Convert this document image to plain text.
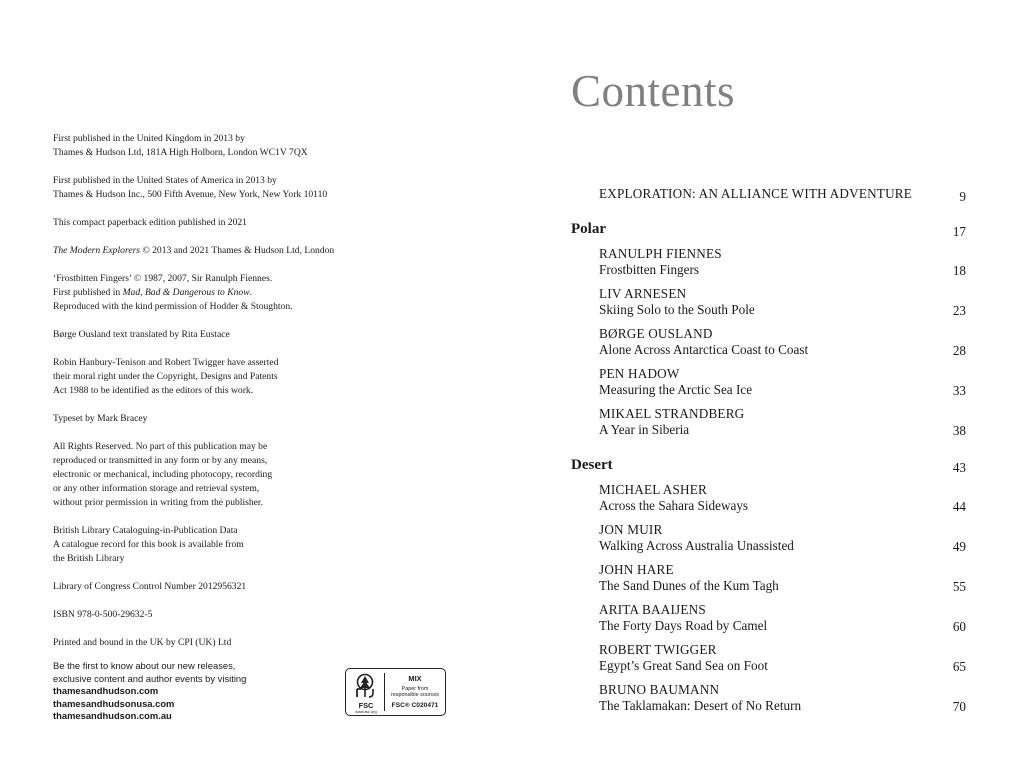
First published in the United Kingdom in 2013 by
Thames & Hudson Ltd, 181A High Holborn, London WC1V 7QX

First published in the United States of America in 2013 by
Thames & Hudson Inc., 500 Fifth Avenue, New York, New York 10110

This compact paperback edition published in 2021

The Modern Explorers © 2013 and 2021 Thames & Hudson Ltd, London

‘Frostbitten Fingers’ © 1987, 2007, Sir Ranulph Fiennes.
First published in Mad, Bad & Dangerous to Know.
Reproduced with the kind permission of Hodder & Stoughton.

Børge Ousland text translated by Rita Eustace

Robin Hanbury-Tenison and Robert Twigger have asserted
their moral right under the Copyright, Designs and Patents
Act 1988 to be identified as the editors of this work.

Typeset by Mark Bracey

All Rights Reserved. No part of this publication may be
reproduced or transmitted in any form or by any means,
electronic or mechanical, including photocopy, recording
or any other information storage and retrieval system,
without prior permission in writing from the publisher.

British Library Cataloguing-in-Publication Data
A catalogue record for this book is available from
the British Library

Library of Congress Control Number 2012956321

ISBN 978-0-500-29632-5

Printed and bound in the UK by CPI (UK) Ltd

Be the first to know about our new releases,
exclusive content and author events by visiting
thamesandhudson.com
thamesandhudsonusa.com
thamesandhudson.com.au
FSC
www.fsc.org
MIX
Paper from
responsible sources
FSC® C020471
Contents
EXPLORATION: AN ALLIANCE WITH ADVENTURE	9
Polar	17
RANULPH FIENNES
Frostbitten Fingers	18
LIV ARNESEN
Skiing Solo to the South Pole	23
BØRGE OUSLAND
Alone Across Antarctica Coast to Coast	28
PEN HADOW
Measuring the Arctic Sea Ice	33
MIKAEL STRANDBERG
A Year in Siberia	38
Desert	43
MICHAEL ASHER
Across the Sahara Sideways	44
JON MUIR
Walking Across Australia Unassisted	49
JOHN HARE
The Sand Dunes of the Kum Tagh	55
ARITA BAAIJENS
The Forty Days Road by Camel	60
ROBERT TWIGGER
Egypt’s Great Sand Sea on Foot	65
BRUNO BAUMANN
The Taklamakan: Desert of No Return	70
